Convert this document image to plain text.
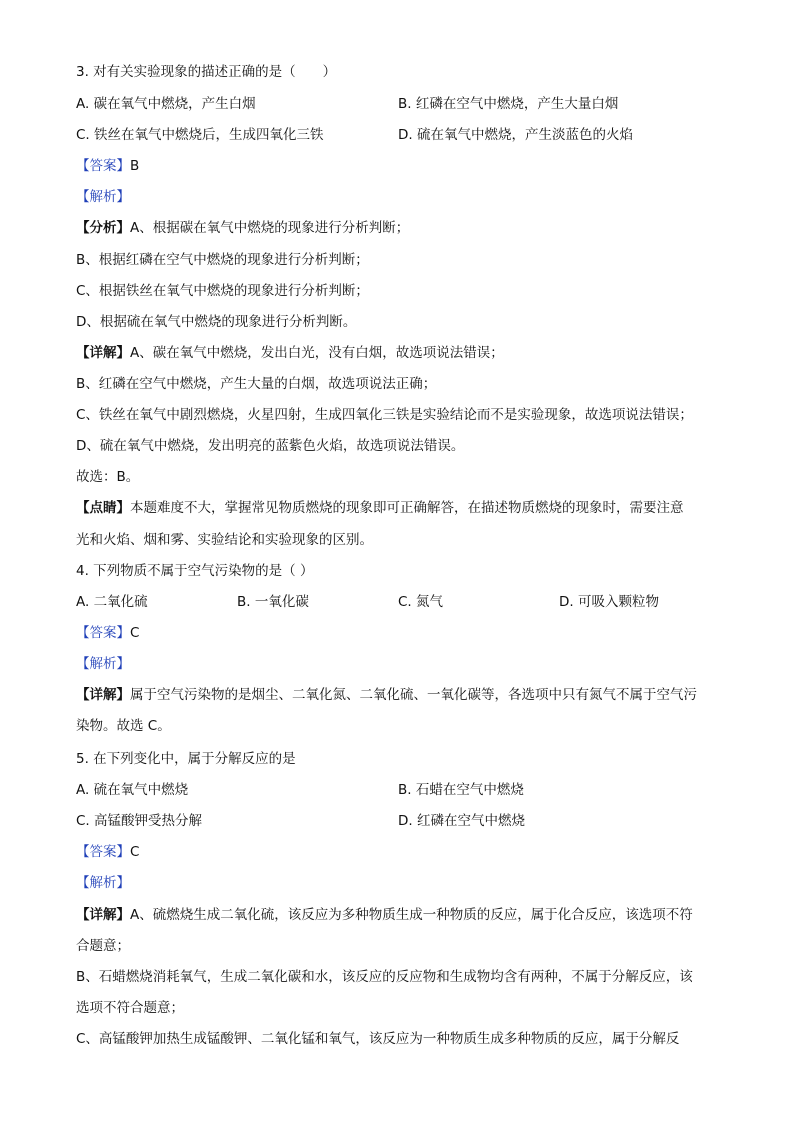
3. 对有关实验现象的描述正确的是（　　）
A. 碳在氧气中燃烧，产生白烟	B. 红磷在空气中燃烧，产生大量白烟
C. 铁丝在氧气中燃烧后，生成四氧化三铁	D. 硫在氧气中燃烧，产生淡蓝色的火焰
【答案】B
【解析】
【分析】A、根据碳在氧气中燃烧的现象进行分析判断；
B、根据红磷在空气中燃烧的现象进行分析判断；
C、根据铁丝在氧气中燃烧的现象进行分析判断；
D、根据硫在氧气中燃烧的现象进行分析判断。
【详解】A、碳在氧气中燃烧，发出白光，没有白烟，故选项说法错误；
B、红磷在空气中燃烧，产生大量的白烟，故选项说法正确；
C、铁丝在氧气中剧烈燃烧，火星四射，生成四氧化三铁是实验结论而不是实验现象，故选项说法错误；
D、硫在氧气中燃烧，发出明亮的蓝紫色火焰，故选项说法错误。
故选：B。
【点睛】本题难度不大，掌握常见物质燃烧的现象即可正确解答，在描述物质燃烧的现象时，需要注意
光和火焰、烟和雾、实验结论和实验现象的区别。
4. 下列物质不属于空气污染物的是（ ）
A. 二氧化硫	B. 一氧化碳	C. 氮气	D. 可吸入颗粒物
【答案】C
【解析】
【详解】属于空气污染物的是烟尘、二氧化氮、二氧化硫、一氧化碳等，各选项中只有氮气不属于空气污
染物。故选 C。
5. 在下列变化中，属于分解反应的是
A. 硫在氧气中燃烧	B. 石蜡在空气中燃烧
C. 高锰酸钾受热分解	D. 红磷在空气中燃烧
【答案】C
【解析】
【详解】A、硫燃烧生成二氧化硫，该反应为多种物质生成一种物质的反应，属于化合反应，该选项不符
合题意；
B、石蜡燃烧消耗氧气，生成二氧化碳和水，该反应的反应物和生成物均含有两种，不属于分解反应，该
选项不符合题意；
C、高锰酸钾加热生成锰酸钾、二氧化锰和氧气，该反应为一种物质生成多种物质的反应，属于分解反
